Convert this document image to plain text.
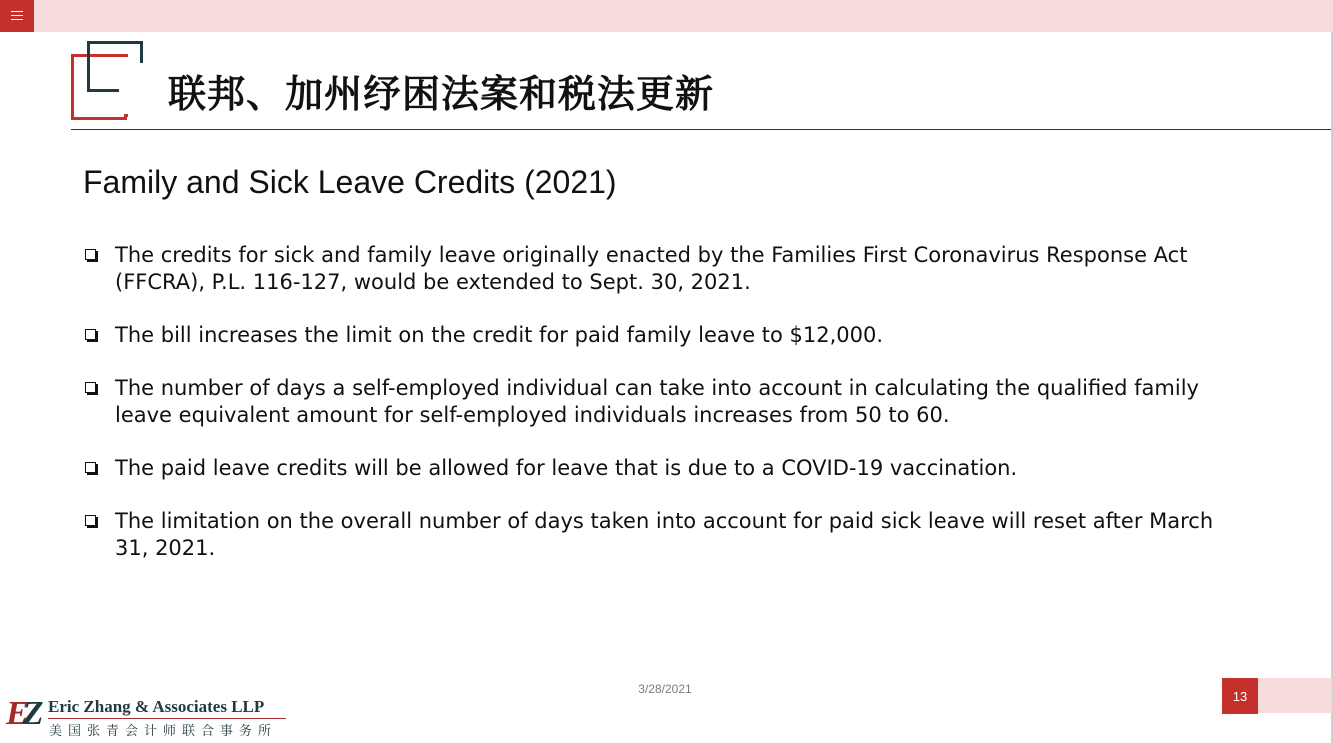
联邦、加州纾困法案和税法更新
Family and Sick Leave Credits (2021)
The credits for sick and family leave originally enacted by the Families First Coronavirus Response Act (FFCRA), P.L. 116-127, would be extended to Sept. 30, 2021.
The bill increases the limit on the credit for paid family leave to $12,000.
The number of days a self-employed individual can take into account in calculating the qualified family leave equivalent amount for self-employed individuals increases from 50 to 60.
The paid leave credits will be allowed for leave that is due to a COVID-19 vaccination.
The limitation on the overall number of days taken into account for paid sick leave will reset after March 31, 2021.
3/28/2021	13
EZ Eric Zhang & Associates LLP
美国张青会计师联合事务所
